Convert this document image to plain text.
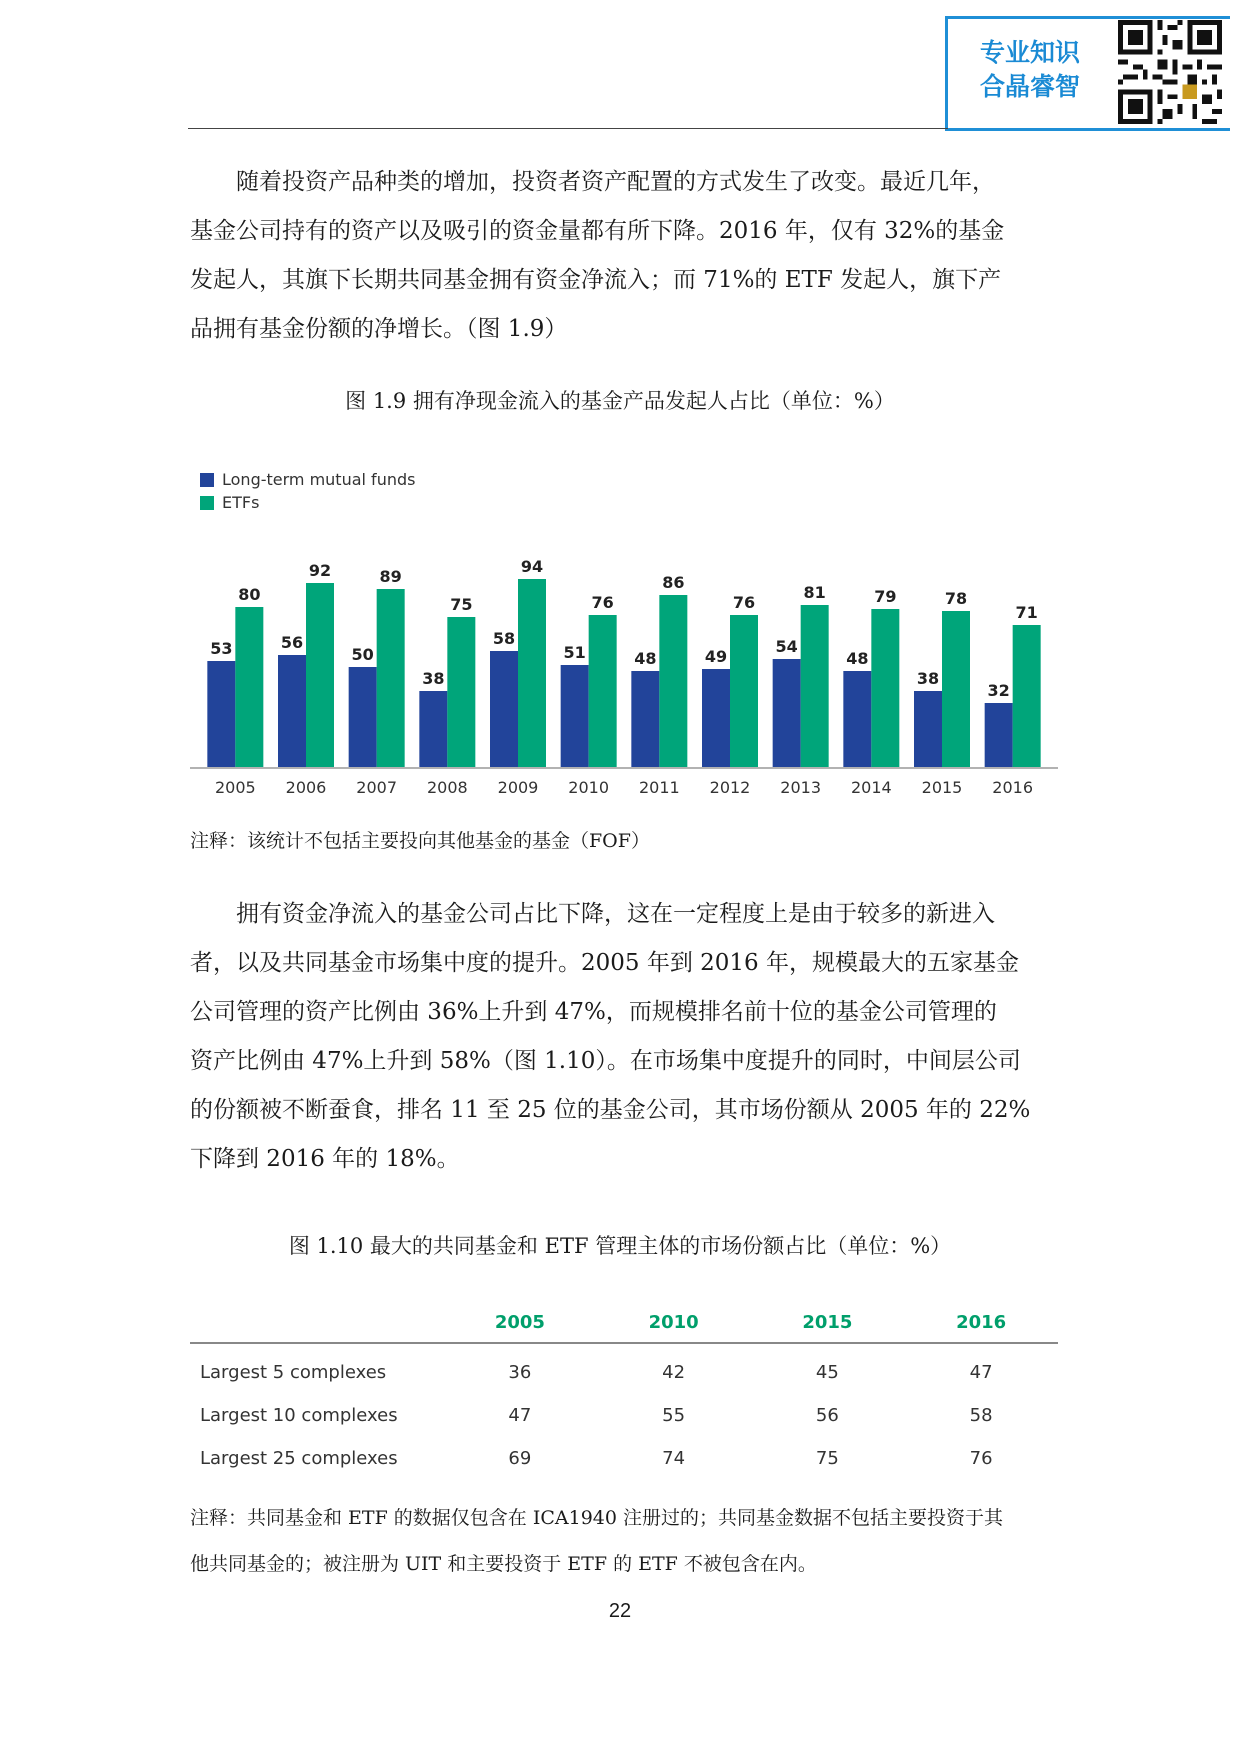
专业知识
合晶睿智
随着投资产品种类的增加，投资者资产配置的方式发生了改变。最近几年，
基金公司持有的资产以及吸引的资金量都有所下降。2016 年，仅有 32%的基金
发起人，其旗下长期共同基金拥有资金净流入；而 71%的 ETF 发起人，旗下产
品拥有基金份额的净增长。（图 1.9）
图 1.9 拥有净现金流入的基金产品发起人占比（单位：%）
Long-term mutual funds
ETFs
53
80
2005
56
92
2006
50
89
2007
38
75
2008
58
94
2009
51
76
2010
48
86
2011
49
76
2012
54
81
2013
48
79
2014
38
78
2015
32
71
2016
注释：该统计不包括主要投向其他基金的基金（FOF）
拥有资金净流入的基金公司占比下降，这在一定程度上是由于较多的新进入
者，以及共同基金市场集中度的提升。2005 年到 2016 年，规模最大的五家基金
公司管理的资产比例由 36%上升到 47%，而规模排名前十位的基金公司管理的
资产比例由 47%上升到 58%（图 1.10）。在市场集中度提升的同时，中间层公司
的份额被不断蚕食，排名 11 至 25 位的基金公司，其市场份额从 2005 年的 22%
下降到 2016 年的 18%。
图 1.10 最大的共同基金和 ETF 管理主体的市场份额占比（单位：%）
	2005	2010	2015	2016
Largest 5 complexes	36	42	45	47
Largest 10 complexes	47	55	56	58
Largest 25 complexes	69	74	75	76
注释：共同基金和 ETF 的数据仅包含在 ICA1940 注册过的；共同基金数据不包括主要投资于其
他共同基金的；被注册为 UIT 和主要投资于 ETF 的 ETF 不被包含在内。
22
